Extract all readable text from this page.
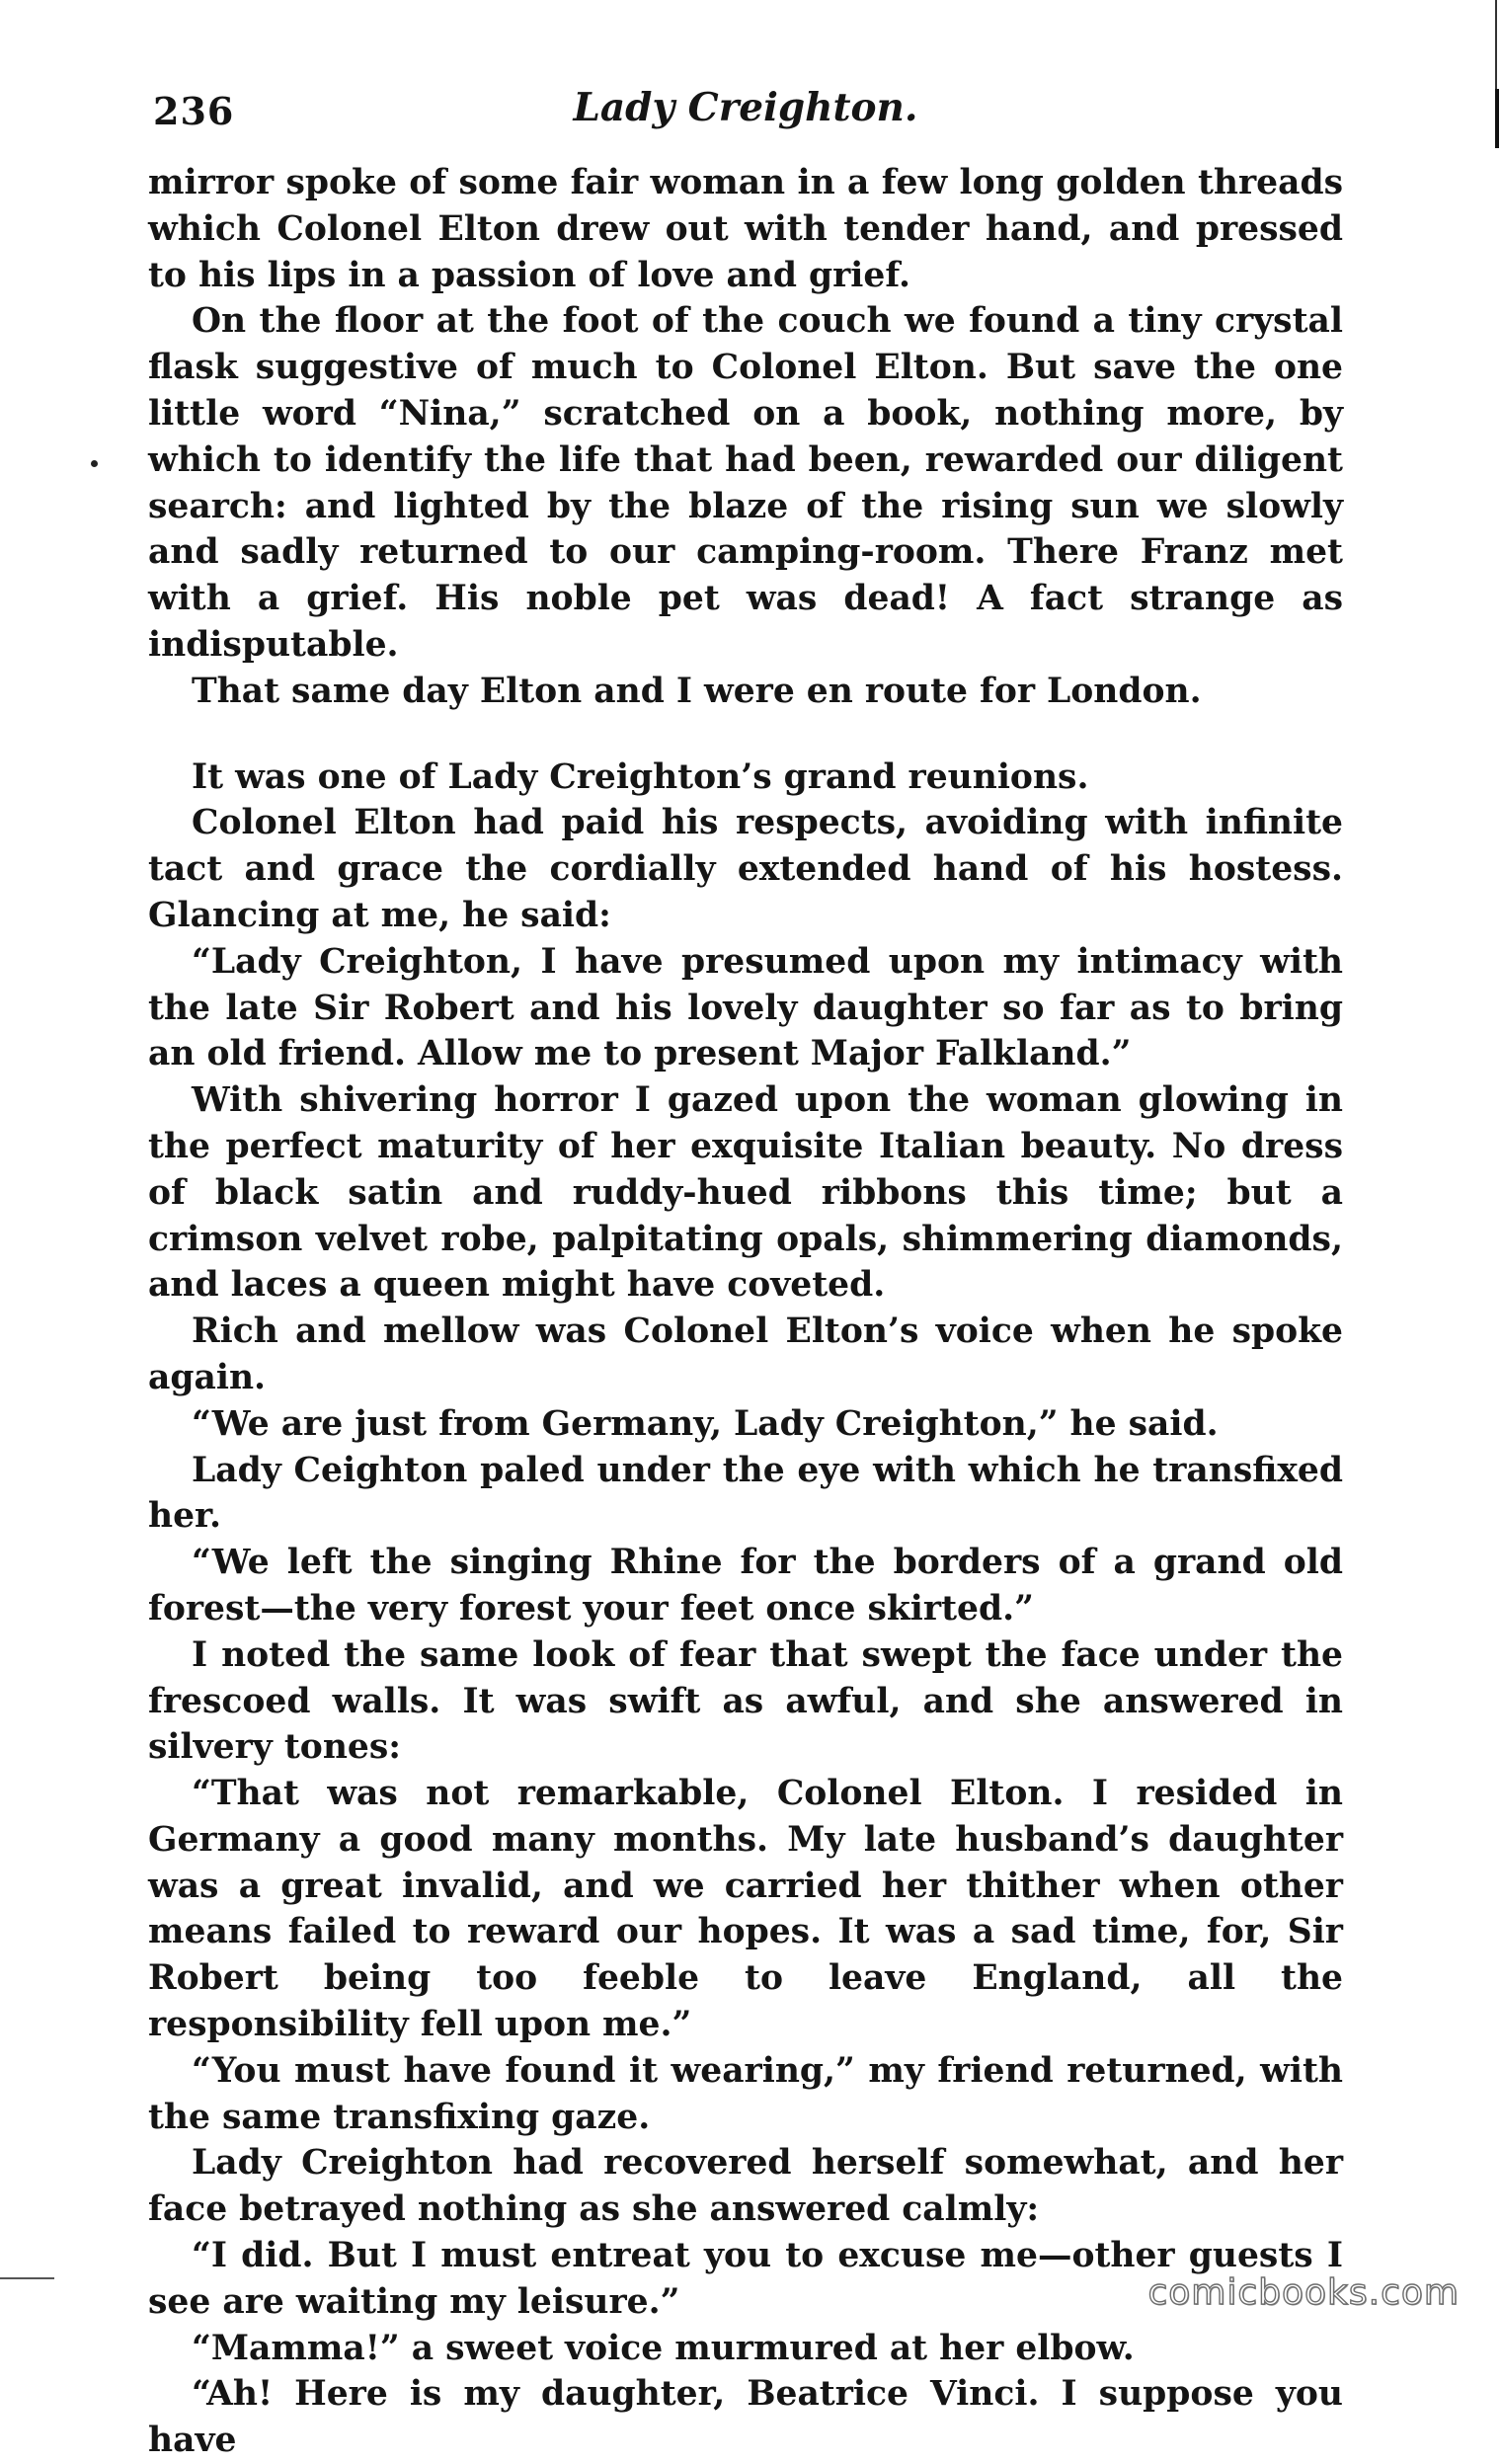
236	Lady Creighton.

mirror spoke of some fair woman in a few long golden threads which Colonel Elton drew out with tender hand, and pressed to his lips in a passion of love and grief.

On the floor at the foot of the couch we found a tiny crystal flask suggestive of much to Colonel Elton. But save the one little word “Nina,” scratched on a book, nothing more, by which to identify the life that had been, rewarded our diligent search: and lighted by the blaze of the rising sun we slowly and sadly returned to our camping-room. There Franz met with a grief. His noble pet was dead! A fact strange as indisputable.

That same day Elton and I were en route for London.

It was one of Lady Creighton’s grand reunions.

Colonel Elton had paid his respects, avoiding with infinite tact and grace the cordially extended hand of his hostess. Glancing at me, he said:

“Lady Creighton, I have presumed upon my intimacy with the late Sir Robert and his lovely daughter so far as to bring an old friend. Allow me to present Major Falkland.”

With shivering horror I gazed upon the woman glowing in the perfect maturity of her exquisite Italian beauty. No dress of black satin and ruddy-hued ribbons this time; but a crimson velvet robe, palpitating opals, shimmering diamonds, and laces a queen might have coveted.

Rich and mellow was Colonel Elton’s voice when he spoke again.

“We are just from Germany, Lady Creighton,” he said.

Lady Ceighton paled under the eye with which he transfixed her.

“We left the singing Rhine for the borders of a grand old forest—the very forest your feet once skirted.”

I noted the same look of fear that swept the face under the frescoed walls. It was swift as awful, and she answered in silvery tones:

“That was not remarkable, Colonel Elton. I resided in Germany a good many months. My late husband’s daughter was a great invalid, and we carried her thither when other means failed to reward our hopes. It was a sad time, for, Sir Robert being too feeble to leave England, all the responsibility fell upon me.”

“You must have found it wearing,” my friend returned, with the same transfixing gaze.

Lady Creighton had recovered herself somewhat, and her face betrayed nothing as she answered calmly:

“I did. But I must entreat you to excuse me—other guests I see are waiting my leisure.”

“Mamma!” a sweet voice murmured at her elbow.

“Ah! Here is my daughter, Beatrice Vinci. I suppose you have

comicbooks.com
